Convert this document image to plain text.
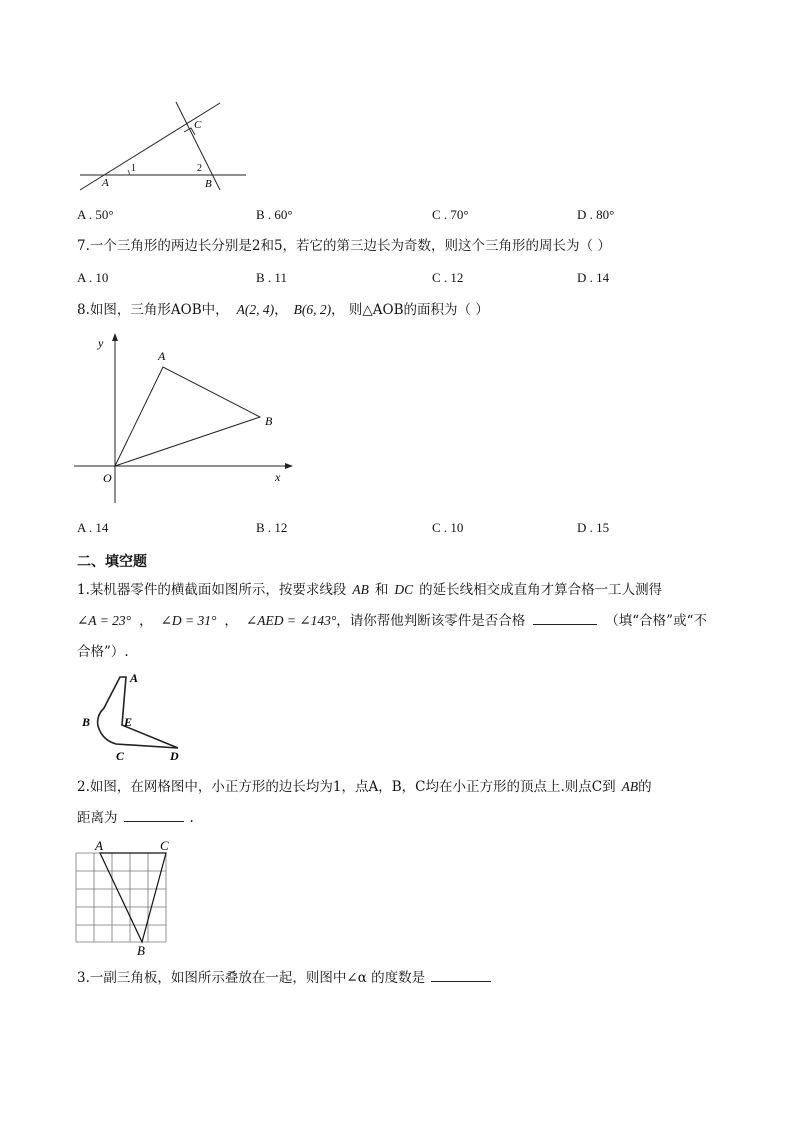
C
1	2
A	B
A . 50°	B . 60°	C . 70°	D . 80°
7.一个三角形的两边长分别是2和5，若它的第三边长为奇数，则这个三角形的周长为（ ）
A . 10	B . 11	C . 12	D . 14
8.如图，三角形AOB中， A(2, 4)， B(6, 2)， 则△AOB的面积为（ ）
y
x
O
A
B
A . 14	B . 12	C . 10	D . 15
二、填空题
1.某机器零件的横截面如图所示，按要求线段 AB 和 DC 的延长线相交成直角才算合格一工人测得
∠A = 23° ， ∠D = 31° ， ∠AED = ∠143°，请你帮他判断该零件是否合格	（填“合格”或“不
合格”）.
A
B	E
C	D
2.如图，在网格图中，小正方形的边长均为1，点A，B，C均在小正方形的顶点上.则点C到 AB的
距离为	.
A	C
B
3.一副三角板，如图所示叠放在一起，则图中∠α 的度数是
